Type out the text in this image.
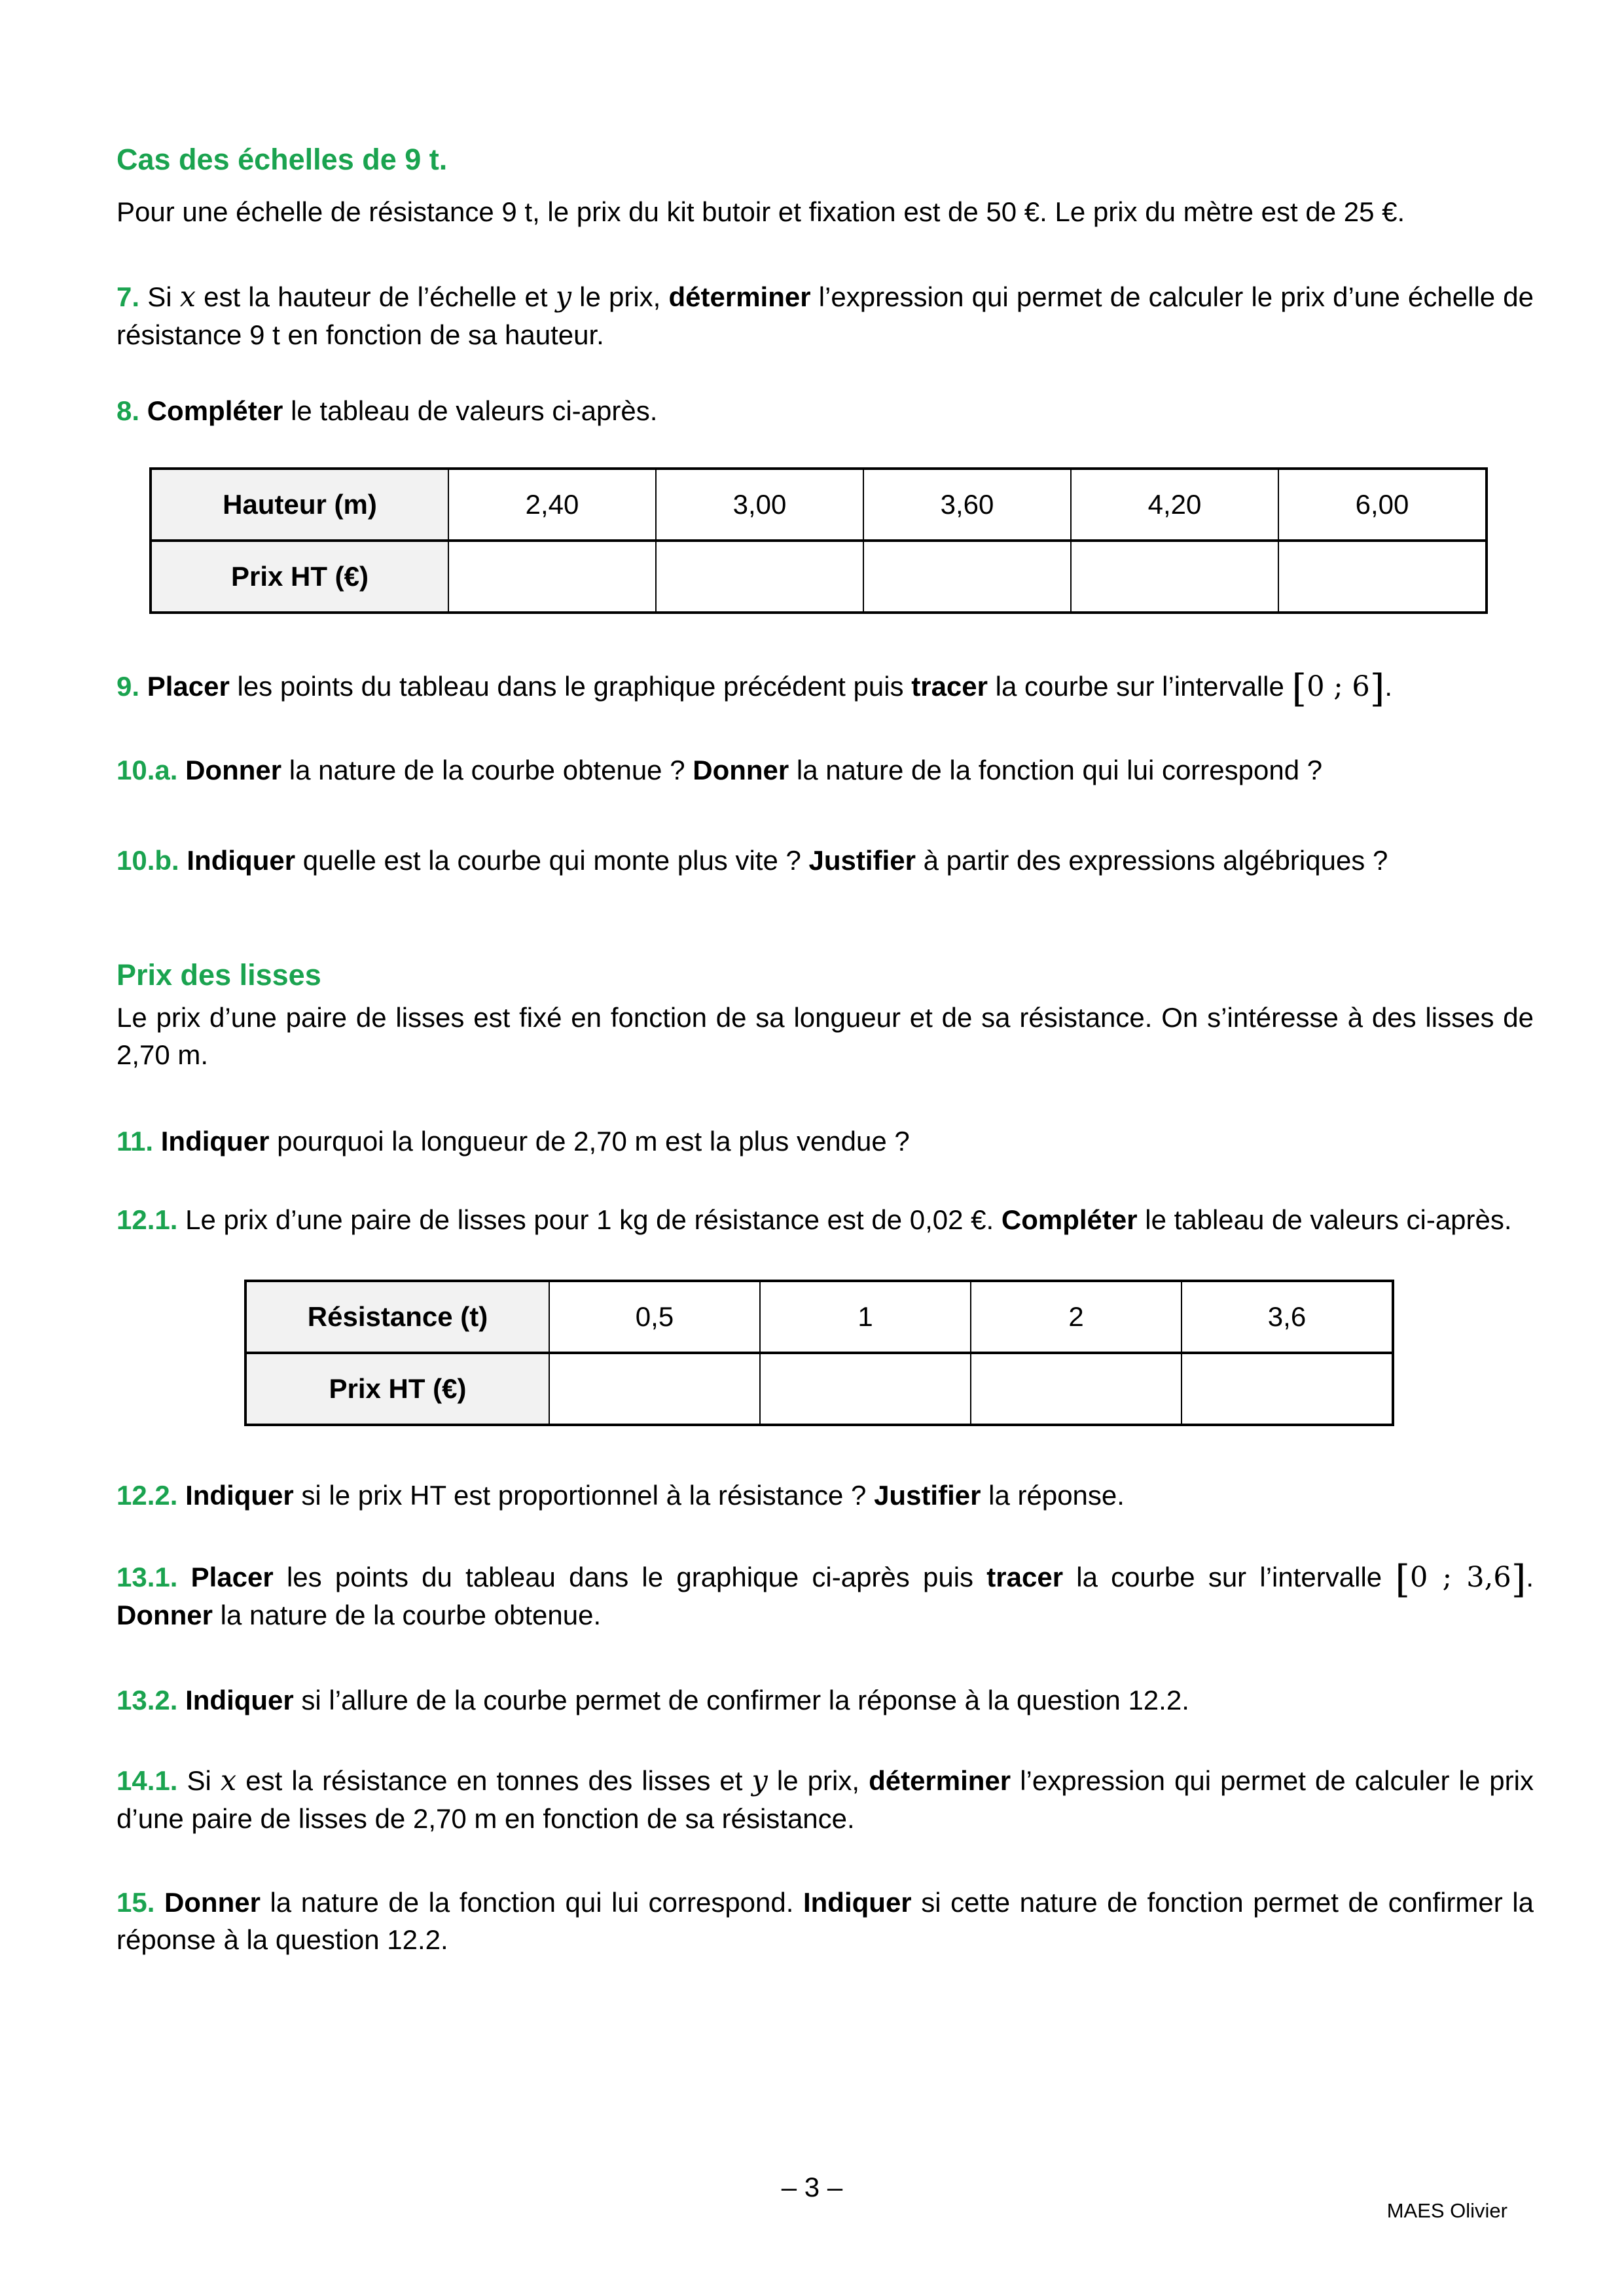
Cas des échelles de 9 t.

Pour une échelle de résistance 9 t, le prix du kit butoir et fixation est de 50 €. Le prix du mètre est de 25 €.

7. Si x est la hauteur de l’échelle et y le prix, déterminer l’expression qui permet de calculer le prix d’une échelle de résistance 9 t en fonction de sa hauteur.

8. Compléter le tableau de valeurs ci-après.

Hauteur (m)	2,40	3,00	3,60	4,20	6,00
Prix HT (€)					

9. Placer les points du tableau dans le graphique précédent puis tracer la courbe sur l’intervalle [0 ; 6].

10.a. Donner la nature de la courbe obtenue ? Donner la nature de la fonction qui lui correspond ?

10.b. Indiquer quelle est la courbe qui monte plus vite ? Justifier à partir des expressions algébriques ?

Prix des lisses

Le prix d’une paire de lisses est fixé en fonction de sa longueur et de sa résistance. On s’intéresse à des lisses de 2,70 m.

11. Indiquer pourquoi la longueur de 2,70 m est la plus vendue ?

12.1. Le prix d’une paire de lisses pour 1 kg de résistance est de 0,02 €. Compléter le tableau de valeurs ci-après.

Résistance (t)	0,5	1	2	3,6
Prix HT (€)				

12.2. Indiquer si le prix HT est proportionnel à la résistance ? Justifier la réponse.

13.1. Placer les points du tableau dans le graphique ci-après puis tracer la courbe sur l’intervalle [0 ; 3,6]. Donner la nature de la courbe obtenue.

13.2. Indiquer si l’allure de la courbe permet de confirmer la réponse à la question 12.2.

14.1. Si x est la résistance en tonnes des lisses et y le prix, déterminer l’expression qui permet de calculer le prix d’une paire de lisses de 2,70 m en fonction de sa résistance.

15. Donner la nature de la fonction qui lui correspond. Indiquer si cette nature de fonction permet de confirmer la réponse à la question 12.2.

– 3 –

MAES Olivier
